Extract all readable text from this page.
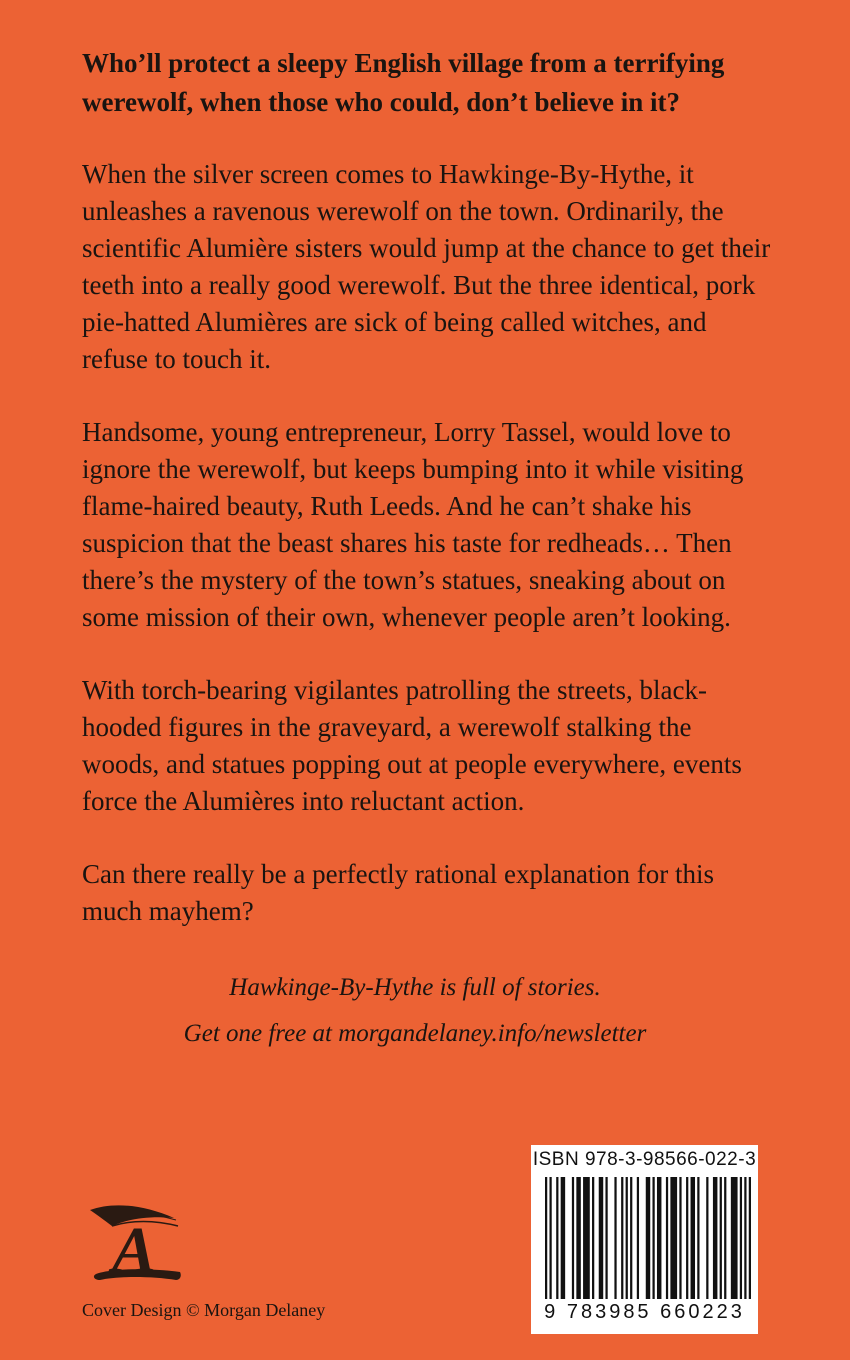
Who’ll protect a sleepy English village from a terrifying werewolf, when those who could, don’t believe in it?

When the silver screen comes to Hawkinge-By-Hythe, it unleashes a ravenous werewolf on the town. Ordinarily, the scientific Alumière sisters would jump at the chance to get their teeth into a really good werewolf. But the three identical, pork pie-hatted Alumières are sick of being called witches, and refuse to touch it.

Handsome, young entrepreneur, Lorry Tassel, would love to ignore the werewolf, but keeps bumping into it while visiting flame-haired beauty, Ruth Leeds. And he can’t shake his suspicion that the beast shares his taste for redheads… Then there’s the mystery of the town’s statues, sneaking about on some mission of their own, whenever people aren’t looking.

With torch-bearing vigilantes patrolling the streets, black-hooded figures in the graveyard, a werewolf stalking the woods, and statues popping out at people everywhere, events force the Alumières into reluctant action.

Can there really be a perfectly rational explanation for this much mayhem?

Hawkinge-By-Hythe is full of stories.
Get one free at morgandelaney.info/newsletter
A
Cover Design © Morgan Delaney
ISBN 978-3-98566-022-3
9 783985 660223
